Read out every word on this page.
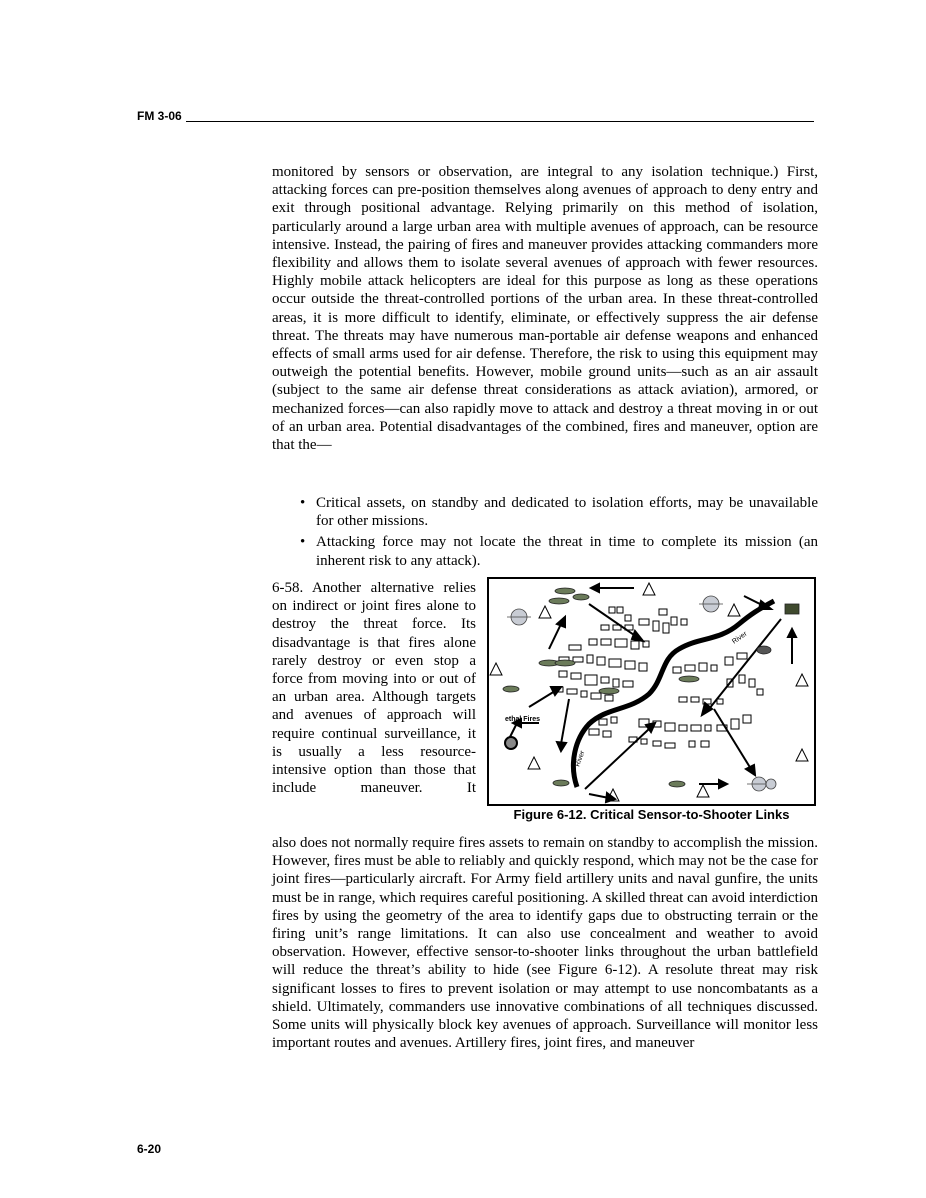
FM 3-06

monitored by sensors or observation, are integral to any isolation technique.) First, attacking forces can pre-position themselves along avenues of approach to deny entry and exit through positional advantage. Relying primarily on this method of isolation, particularly around a large urban area with multiple avenues of approach, can be resource intensive. Instead, the pairing of fires and maneuver provides attacking commanders more flexibility and allows them to isolate several avenues of approach with fewer resources. Highly mobile attack helicopters are ideal for this purpose as long as these operations occur outside the threat-controlled portions of the urban area. In these threat-controlled areas, it is more difficult to identify, eliminate, or effectively suppress the air defense threat. The threats may have numerous man-portable air defense weapons and enhanced effects of small arms used for air defense. Therefore, the risk to using this equipment may outweigh the potential benefits. However, mobile ground units—such as an air assault (subject to the same air defense threat considerations as attack aviation), armored, or mechanized forces—can also rapidly move to attack and destroy a threat moving in or out of an urban area. Potential disadvantages of the combined, fires and maneuver, option are that the—

• Critical assets, on standby and dedicated to isolation efforts, may be unavailable for other missions.
• Attacking force may not locate the threat in time to complete its mission (an inherent risk to any attack).

6-58. Another alternative relies on indirect or joint fires alone to destroy the threat force. Its disadvantage is that fires alone rarely destroy or even stop a force from moving into or out of an urban area. Although targets and avenues of approach will require continual surveillance, it is usually a less resource-intensive option than those that include maneuver. It

ethal Fires
River
River
Figure 6-12. Critical Sensor-to-Shooter Links

also does not normally require fires assets to remain on standby to accomplish the mission. However, fires must be able to reliably and quickly respond, which may not be the case for joint fires—particularly aircraft. For Army field artillery units and naval gunfire, the units must be in range, which requires careful positioning. A skilled threat can avoid interdiction fires by using the geometry of the area to identify gaps due to obstructing terrain or the firing unit’s range limitations. It can also use concealment and weather to avoid observation. However, effective sensor-to-shooter links throughout the urban battlefield will reduce the threat’s ability to hide (see Figure 6-12). A resolute threat may risk significant losses to fires to prevent isolation or may attempt to use noncombatants as a shield. Ultimately, commanders use innovative combinations of all techniques discussed. Some units will physically block key avenues of approach. Surveillance will monitor less important routes and avenues. Artillery fires, joint fires, and maneuver

6-20
